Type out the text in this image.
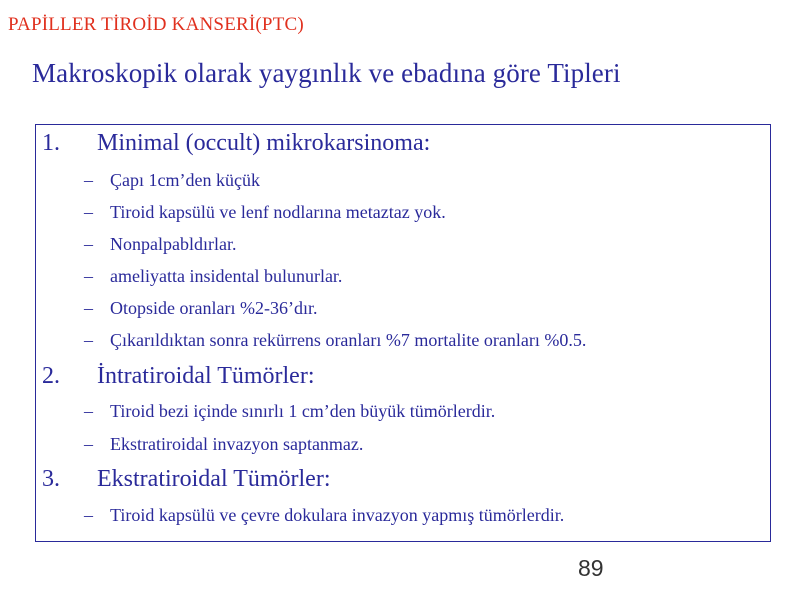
PAPİLLER TİROİD KANSERİ(PTC)
Makroskopik olarak yaygınlık ve ebadına göre Tipleri
1. Minimal (occult) mikrokarsinoma:
– Çapı 1cm’den küçük
– Tiroid kapsülü ve lenf nodlarına metaztaz yok.
– Nonpalpabldırlar.
– ameliyatta insidental bulunurlar.
– Otopside oranları %2-36’dır.
– Çıkarıldıktan sonra rekürrens oranları %7 mortalite oranları %0.5.
2. İntratiroidal Tümörler:
– Tiroid bezi içinde sınırlı 1 cm’den büyük tümörlerdir.
– Ekstratiroidal invazyon saptanmaz.
3. Ekstratiroidal Tümörler:
– Tiroid kapsülü ve çevre dokulara invazyon yapmış tümörlerdir.
89
